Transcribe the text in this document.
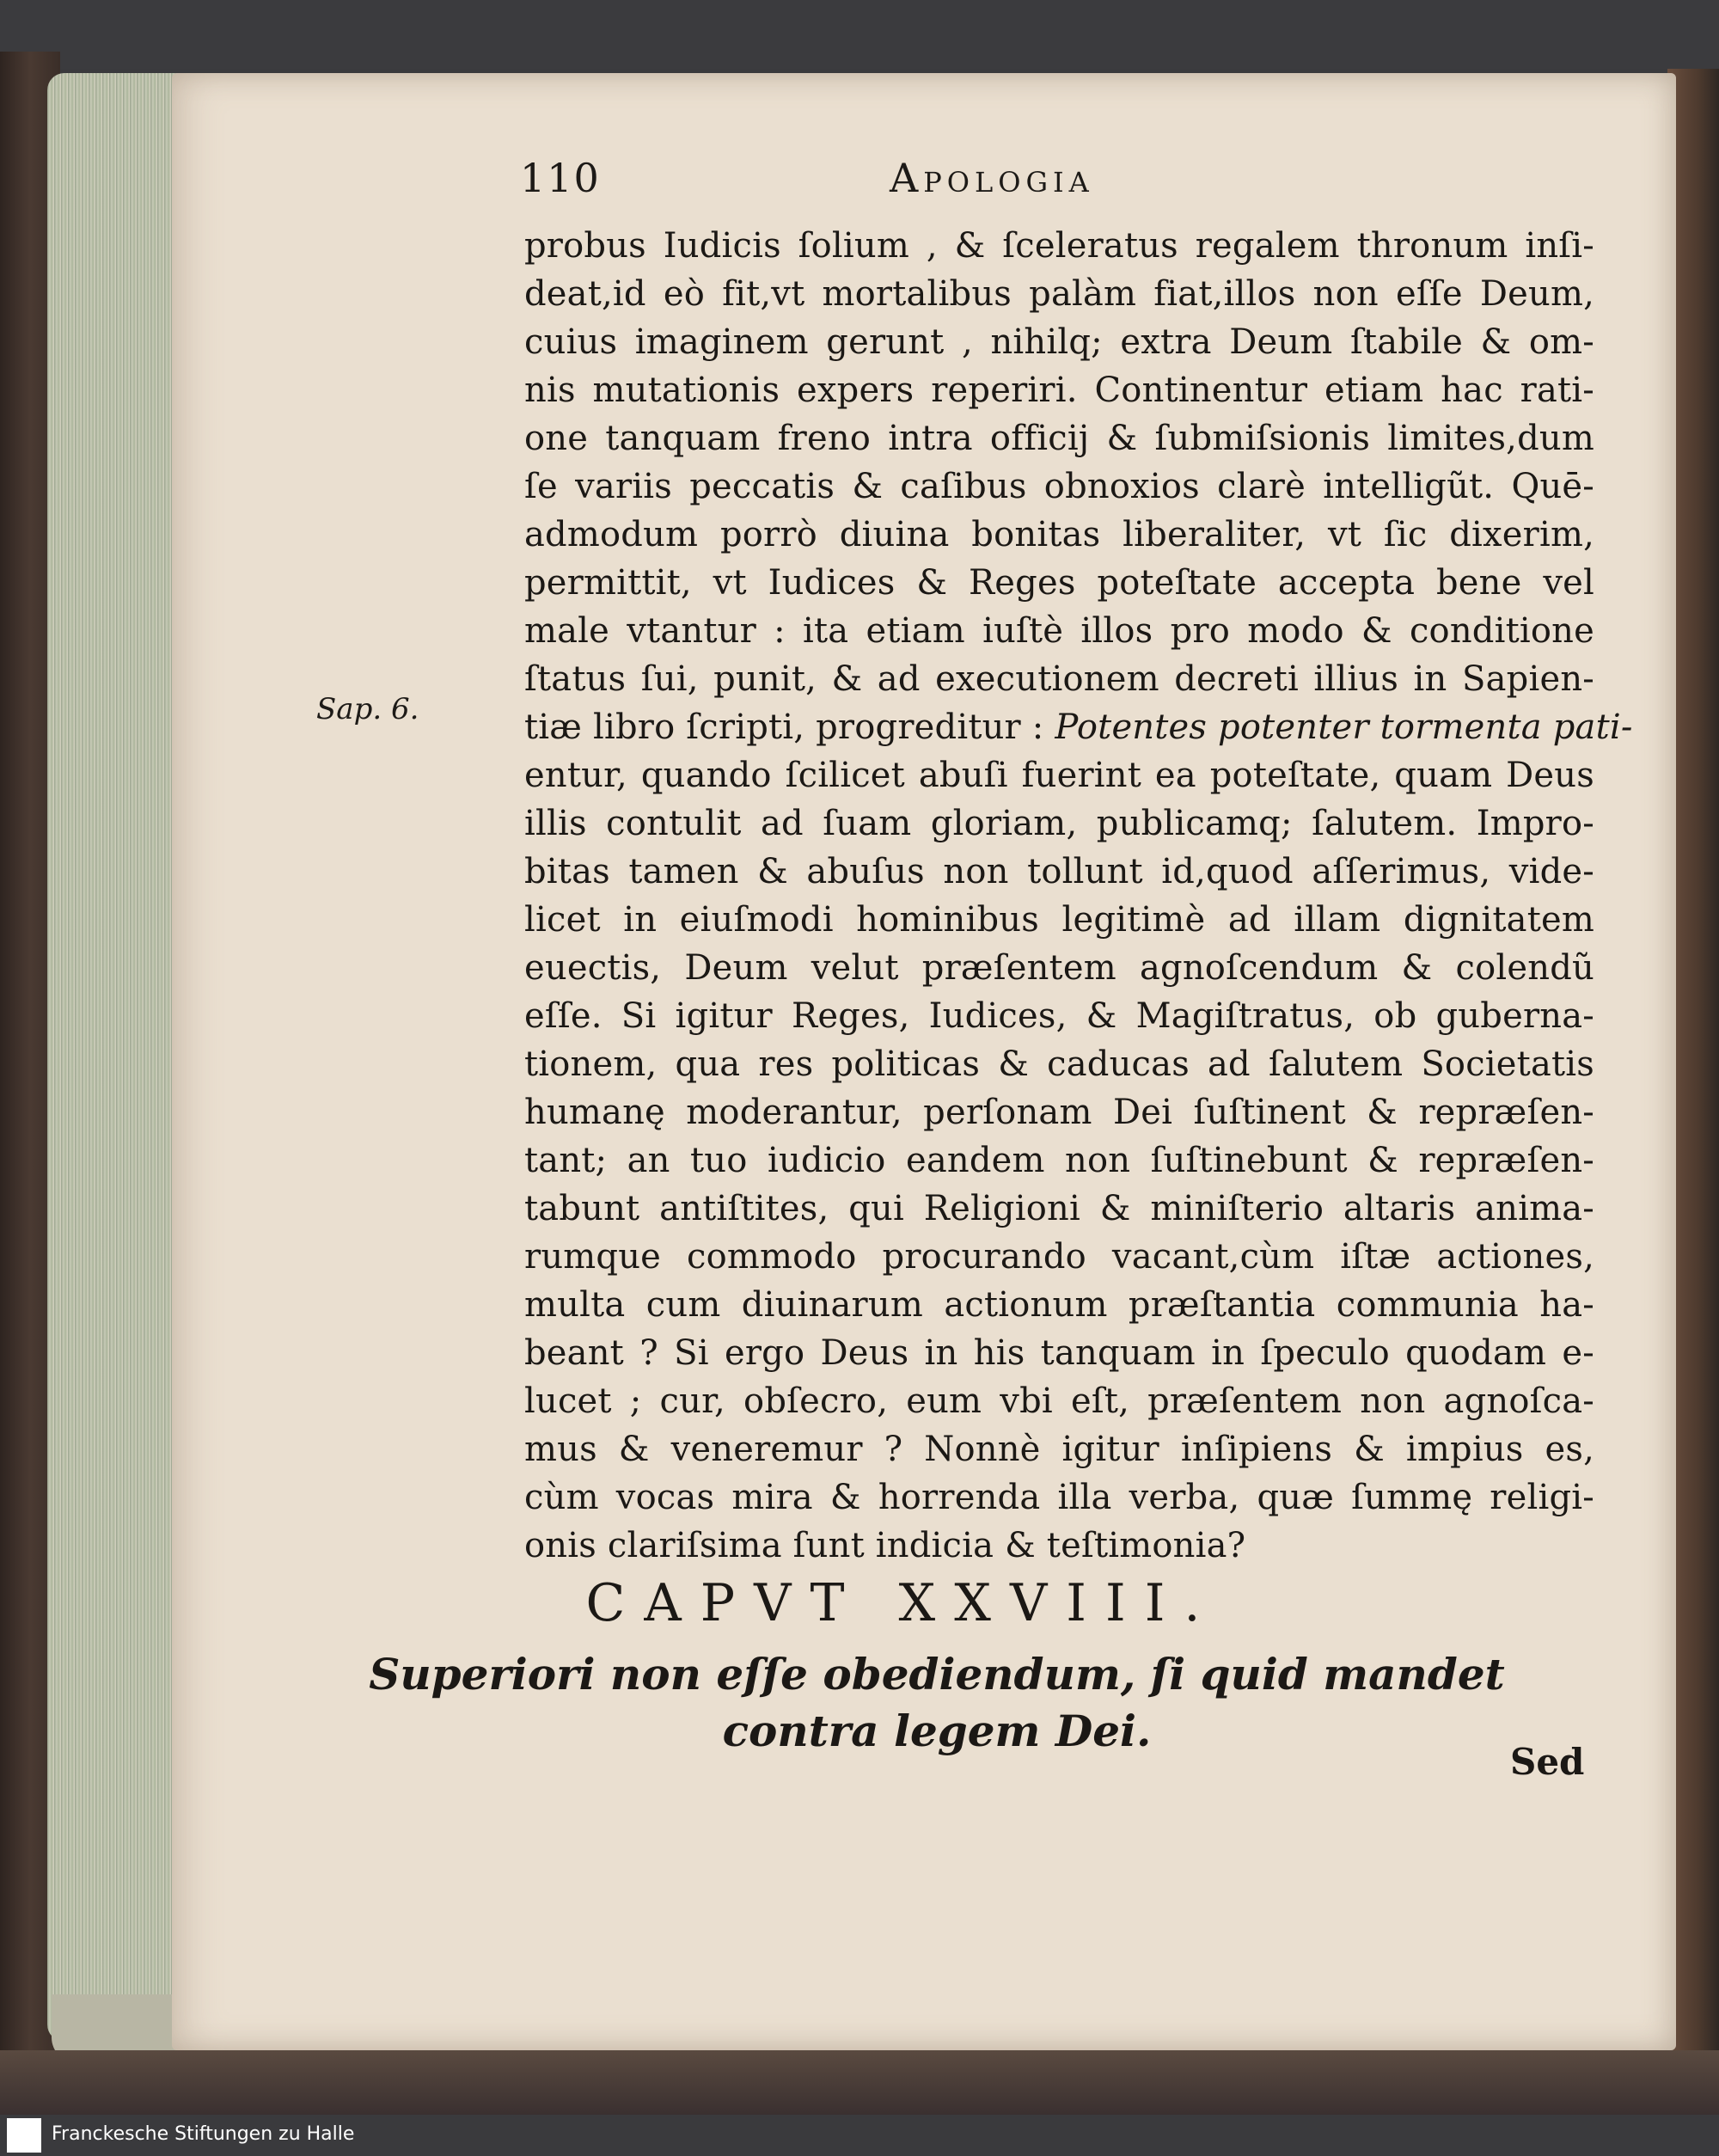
110	Apologia
Sap. 6.
probus Iudicis ſolium , & ſceleratus regalem thronum inſi-
deat,id eò fit,vt mortalibus palàm fiat,illos non eſſe Deum,
cuius imaginem gerunt , nihilq; extra Deum ſtabile & om-
nis mutationis expers reperiri. Continentur etiam hac rati-
one tanquam freno intra officij & ſubmiſsionis limites,dum
ſe variis peccatis & caſibus obnoxios clarè intelligũt. Quē-
admodum porrò diuina bonitas liberaliter, vt ſic dixerim,
permittit, vt Iudices & Reges poteſtate accepta bene vel
male vtantur : ita etiam iuſtè illos pro modo & conditione
ſtatus ſui, punit, & ad executionem decreti illius in Sapien-
tiæ libro ſcripti, progreditur : Potentes potenter tormenta pati-
entur, quando ſcilicet abuſi fuerint ea poteſtate, quam Deus
illis contulit ad ſuam gloriam, publicamq; ſalutem. Impro-
bitas tamen & abuſus non tollunt id,quod aſſerimus, vide-
licet in eiuſmodi hominibus legitimè ad illam dignitatem
euectis, Deum velut præſentem agnoſcendum & colendũ
eſſe. Si igitur Reges, Iudices, & Magiſtratus, ob guberna-
tionem, qua res politicas & caducas ad ſalutem Societatis
humanę moderantur, perſonam Dei ſuſtinent & repræſen-
tant; an tuo iudicio eandem non ſuſtinebunt & repræſen-
tabunt antiſtites, qui Religioni & miniſterio altaris anima-
rumque commodo procurando vacant,cùm iſtæ actiones,
multa cum diuinarum actionum præſtantia communia ha-
beant ? Si ergo Deus in his tanquam in ſpeculo quodam e-
lucet ; cur, obſecro, eum vbi eſt, præſentem non agnoſca-
mus & veneremur ? Nonnè igitur inſipiens & impius es,
cùm vocas mira & horrenda illa verba, quæ ſummę religi-
onis clariſsima ſunt indicia & teſtimonia?
CAPVT XXVIII.
Superiori non eſſe obediendum, ſi quid mandet
contra legem Dei.
Sed
Franckesche Stiftungen zu Halle
